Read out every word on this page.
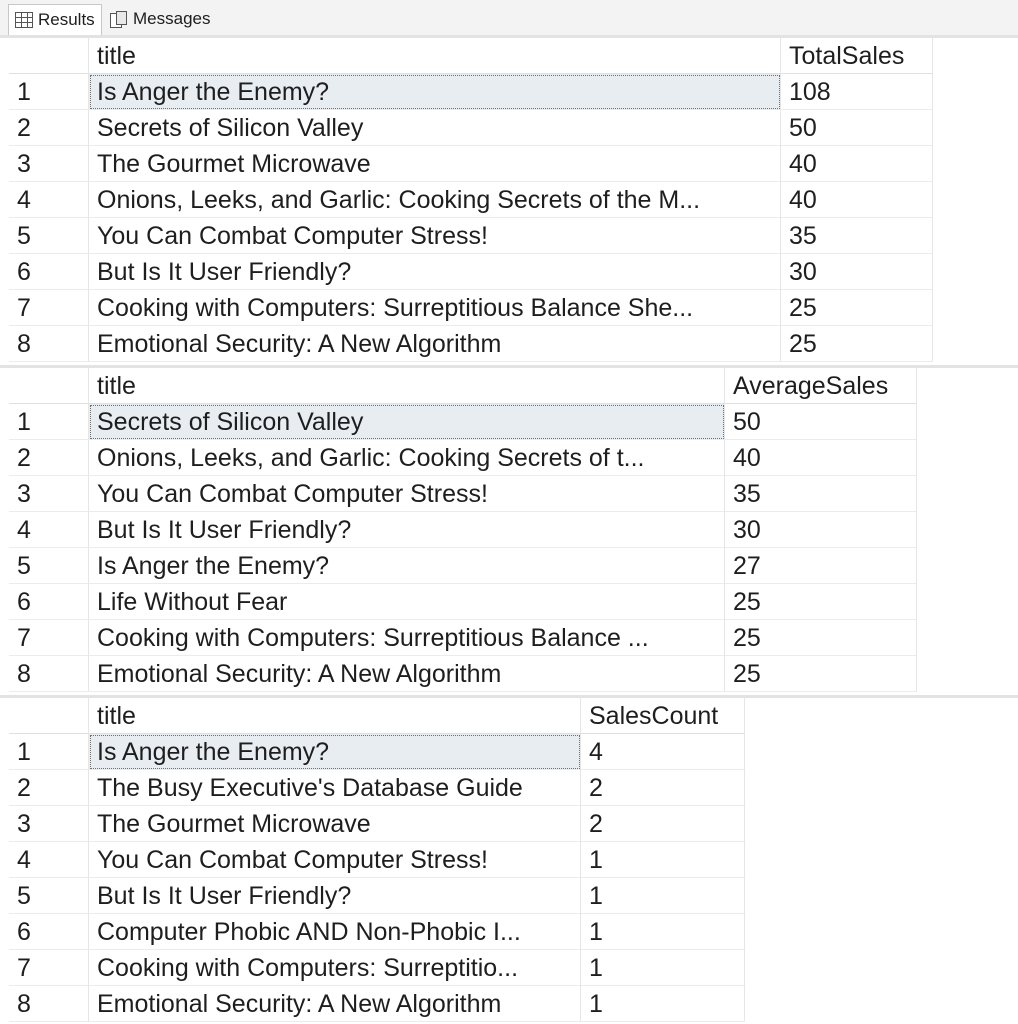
Results Messages
title	TotalSales
1	Is Anger the Enemy?	108
2	Secrets of Silicon Valley	50
3	The Gourmet Microwave	40
4	Onions, Leeks, and Garlic: Cooking Secrets of the M...	40
5	You Can Combat Computer Stress!	35
6	But Is It User Friendly?	30
7	Cooking with Computers: Surreptitious Balance She...	25
8	Emotional Security: A New Algorithm	25
title	AverageSales
1	Secrets of Silicon Valley	50
2	Onions, Leeks, and Garlic: Cooking Secrets of t...	40
3	You Can Combat Computer Stress!	35
4	But Is It User Friendly?	30
5	Is Anger the Enemy?	27
6	Life Without Fear	25
7	Cooking with Computers: Surreptitious Balance ...	25
8	Emotional Security: A New Algorithm	25
title	SalesCount
1	Is Anger the Enemy?	4
2	The Busy Executive's Database Guide	2
3	The Gourmet Microwave	2
4	You Can Combat Computer Stress!	1
5	But Is It User Friendly?	1
6	Computer Phobic AND Non-Phobic I...	1
7	Cooking with Computers: Surreptitio...	1
8	Emotional Security: A New Algorithm	1
